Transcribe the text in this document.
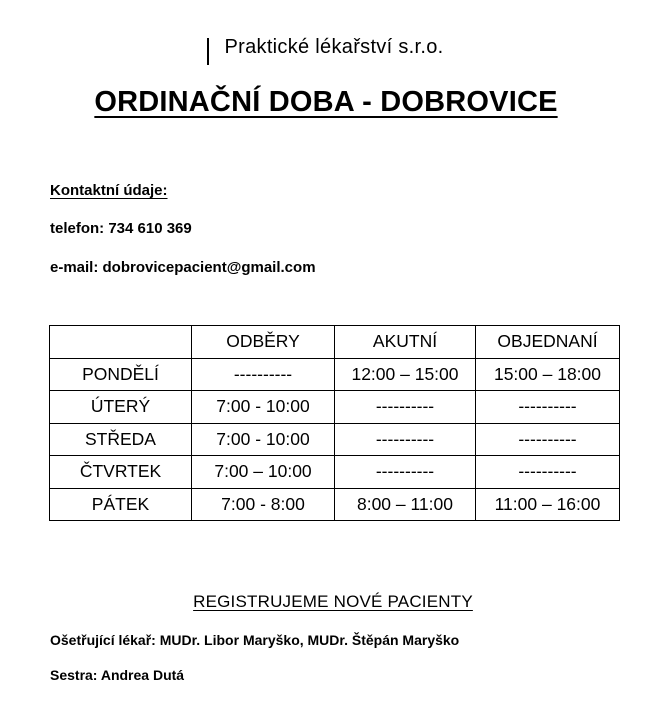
Praktické lékařství s.r.o.
ORDINAČNÍ DOBA - DOBROVICE
Kontaktní údaje:
telefon: 734 610 369
e-mail: dobrovicepacient@gmail.com
	ODBĚRY	AKUTNÍ	OBJEDNANÍ
PONDĚLÍ	----------	12:00 – 15:00	15:00 – 18:00
ÚTERÝ	7:00 - 10:00	----------	----------
STŘEDA	7:00 - 10:00	----------	----------
ČTVRTEK	7:00 – 10:00	----------	----------
PÁTEK	7:00 - 8:00	8:00 – 11:00	11:00 – 16:00
REGISTRUJEME NOVÉ PACIENTY
Ošetřující lékař: MUDr. Libor Maryško, MUDr. Štěpán Maryško
Sestra: Andrea Dutá
